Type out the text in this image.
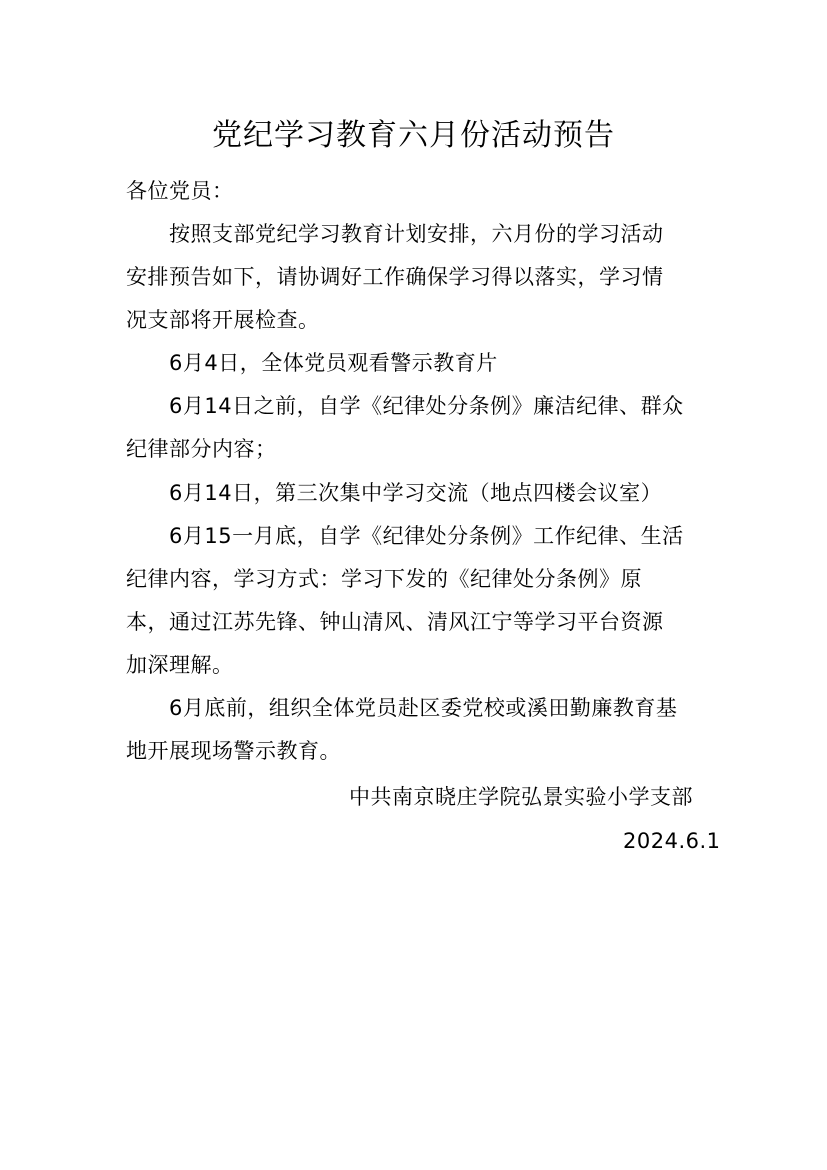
党纪学习教育六月份活动预告
各位党员：
按照支部党纪学习教育计划安排，六月份的学习活动
安排预告如下，请协调好工作确保学习得以落实，学习情
况支部将开展检查。
6月4日，全体党员观看警示教育片
6月14日之前，自学《纪律处分条例》廉洁纪律、群众
纪律部分内容；
6月14日，第三次集中学习交流（地点四楼会议室）
6月15一月底，自学《纪律处分条例》工作纪律、生活
纪律内容，学习方式：学习下发的《纪律处分条例》原
本，通过江苏先锋、钟山清风、清风江宁等学习平台资源
加深理解。
6月底前，组织全体党员赴区委党校或溪田勤廉教育基
地开展现场警示教育。
中共南京晓庄学院弘景实验小学支部
2024.6.1
